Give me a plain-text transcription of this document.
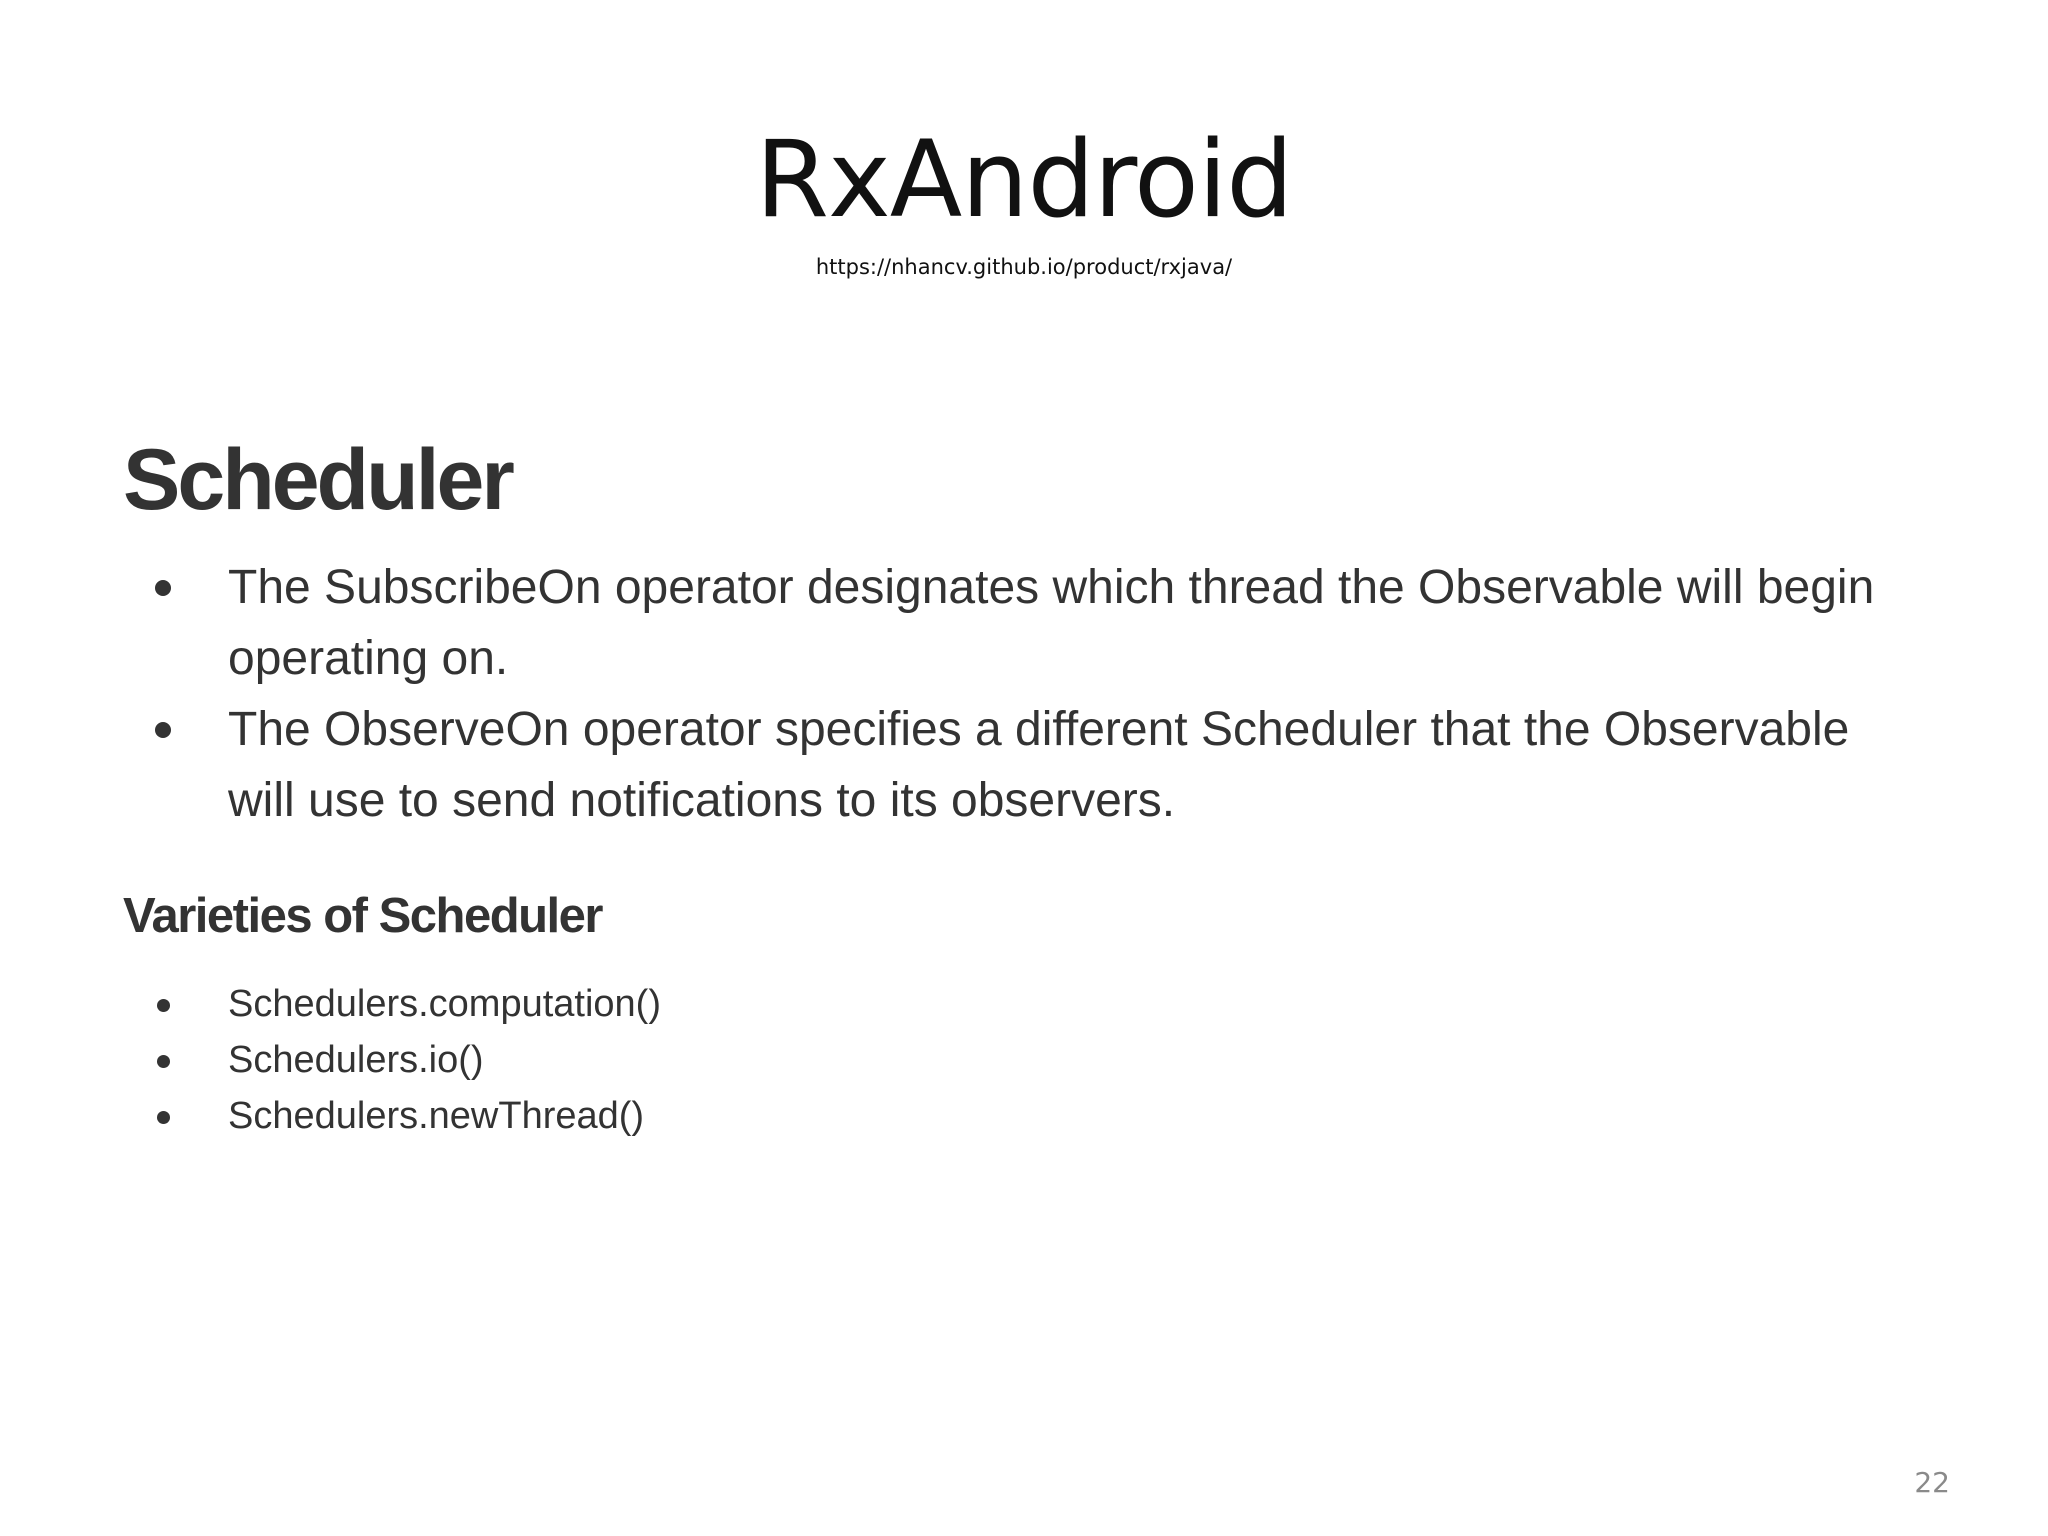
RxAndroid
https://nhancv.github.io/product/rxjava/
Scheduler
The SubscribeOn operator designates which thread the Observable will begin operating on.
The ObserveOn operator specifies a different Scheduler that the Observable will use to send notifications to its observers.
Varieties of Scheduler
Schedulers.computation()
Schedulers.io()
Schedulers.newThread()
22
